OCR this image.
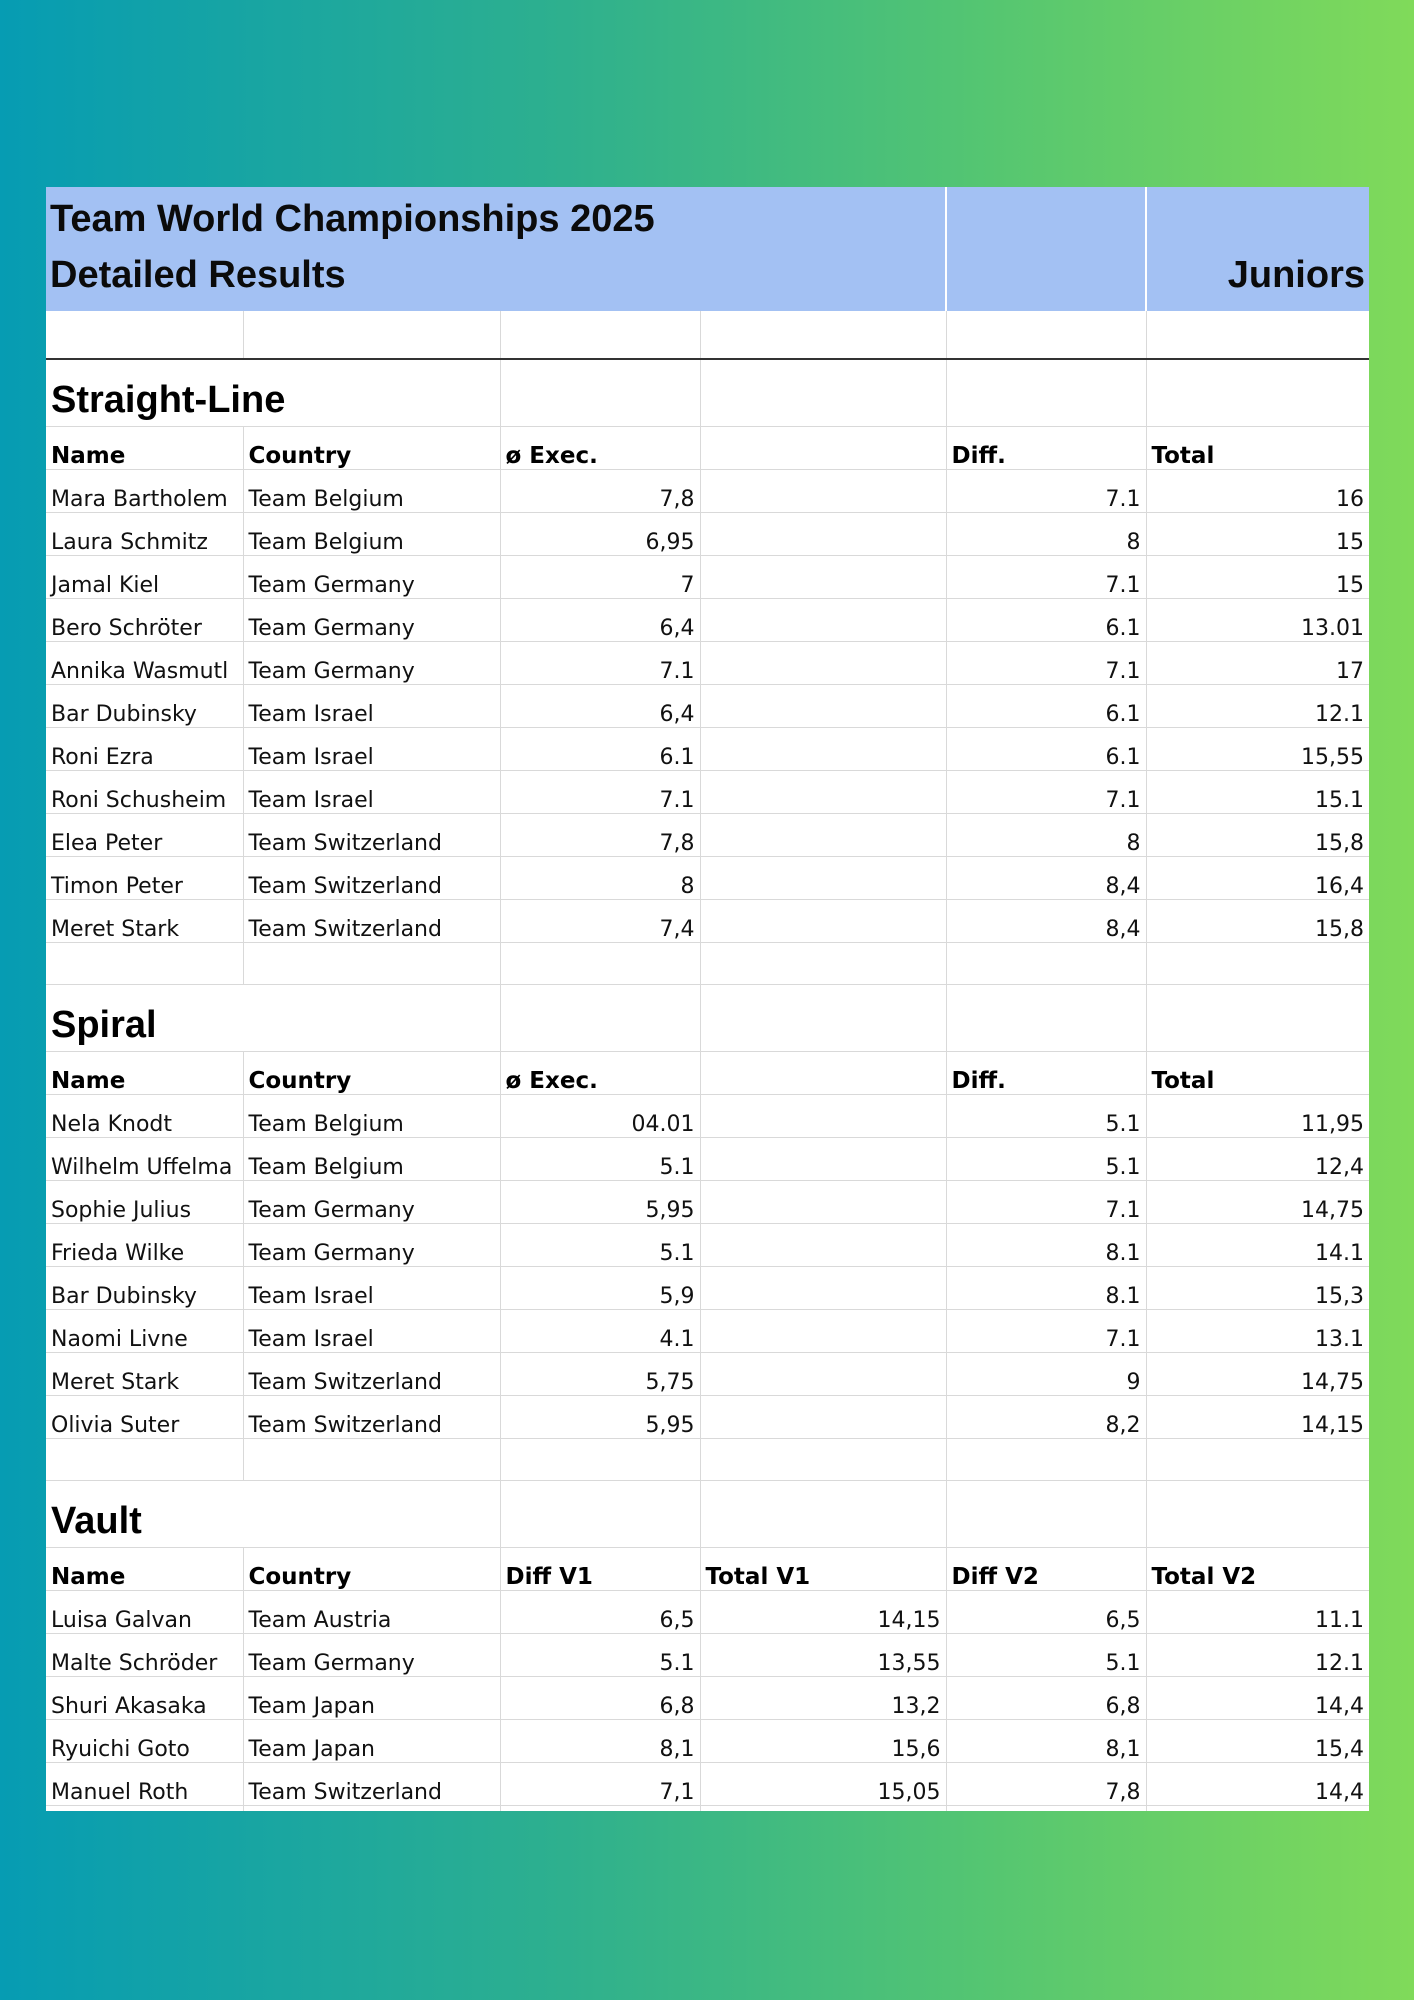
Team World Championships 2025
Detailed Results					Juniors

Straight-Line					
Name	Country	ø Exec.		Diff.	Total
Mara Bartholem	Team Belgium	7,8		7.1	16
Laura Schmitz	Team Belgium	6,95		8	15
Jamal Kiel	Team Germany	7		7.1	15
Bero Schröter	Team Germany	6,4		6.1	13.01
Annika Wasmutl	Team Germany	7.1		7.1	17
Bar Dubinsky	Team Israel	6,4		6.1	12.1
Roni Ezra	Team Israel	6.1		6.1	15,55
Roni Schusheim	Team Israel	7.1		7.1	15.1
Elea Peter	Team Switzerland	7,8		8	15,8
Timon Peter	Team Switzerland	8		8,4	16,4
Meret Stark	Team Switzerland	7,4		8,4	15,8

Spiral					
Name	Country	ø Exec.		Diff.	Total
Nela Knodt	Team Belgium	04.01		5.1	11,95
Wilhelm Uffelma	Team Belgium	5.1		5.1	12,4
Sophie Julius	Team Germany	5,95		7.1	14,75
Frieda Wilke	Team Germany	5.1		8.1	14.1
Bar Dubinsky	Team Israel	5,9		8.1	15,3
Naomi Livne	Team Israel	4.1		7.1	13.1
Meret Stark	Team Switzerland	5,75		9	14,75
Olivia Suter	Team Switzerland	5,95		8,2	14,15

Vault					
Name	Country	Diff V1	Total V1	Diff V2	Total V2
Luisa Galvan	Team Austria	6,5	14,15	6,5	11.1
Malte Schröder	Team Germany	5.1	13,55	5.1	12.1
Shuri Akasaka	Team Japan	6,8	13,2	6,8	14,4
Ryuichi Goto	Team Japan	8,1	15,6	8,1	15,4
Manuel Roth	Team Switzerland	7,1	15,05	7,8	14,4
